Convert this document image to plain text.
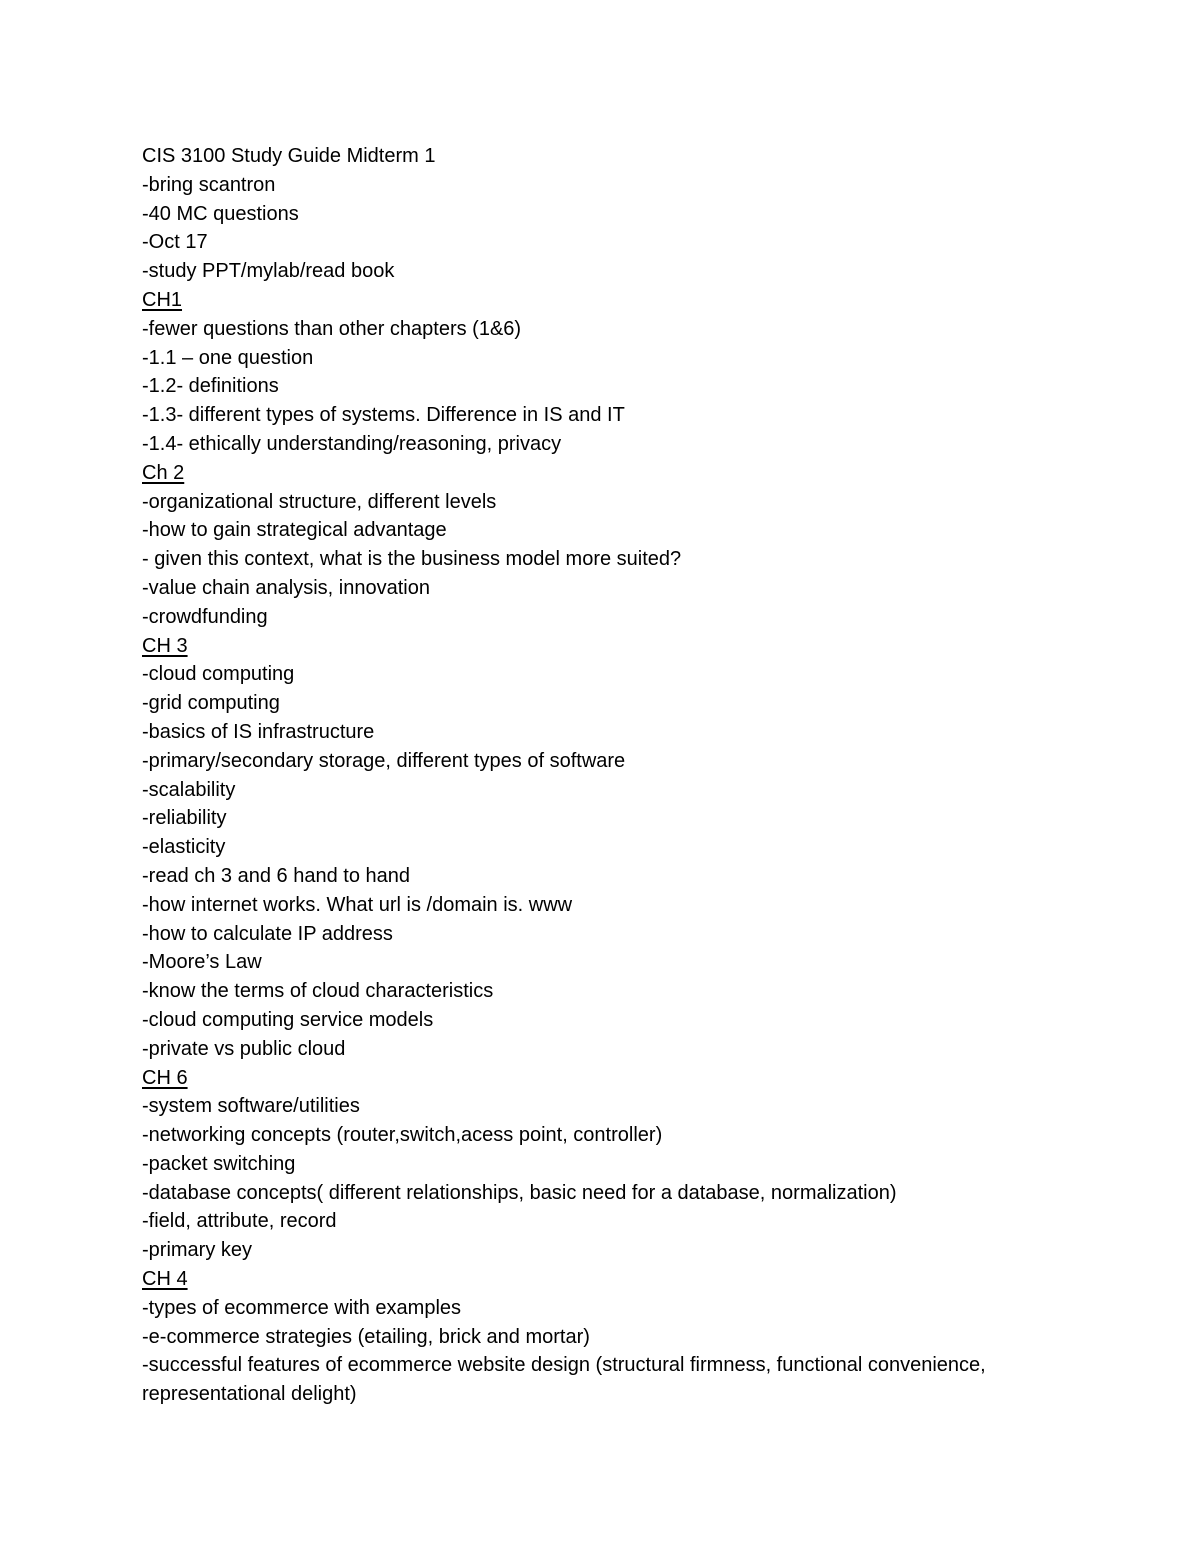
CIS 3100 Study Guide Midterm 1
-bring scantron
-40 MC questions
-Oct 17
-study PPT/mylab/read book
CH1
-fewer questions than other chapters (1&6)
-1.1 – one question
-1.2- definitions
-1.3- different types of systems. Difference in IS and IT
-1.4- ethically understanding/reasoning, privacy
Ch 2
-organizational structure, different levels
-how to gain strategical advantage
- given this context, what is the business model more suited?
-value chain analysis, innovation
-crowdfunding
CH 3
-cloud computing
-grid computing
-basics of IS infrastructure
-primary/secondary storage, different types of software
-scalability
-reliability
-elasticity
-read ch 3 and 6 hand to hand
-how internet works. What url is /domain is. www
-how to calculate IP address
-Moore’s Law
-know the terms of cloud characteristics
-cloud computing service models
-private vs public cloud
CH 6
-system software/utilities
-networking concepts (router,switch,acess point, controller)
-packet switching
-database concepts( different relationships, basic need for a database, normalization)
-field, attribute, record
-primary key
CH 4
-types of ecommerce with examples
-e-commerce strategies (etailing, brick and mortar)
-successful features of ecommerce website design (structural firmness, functional convenience, representational delight)
